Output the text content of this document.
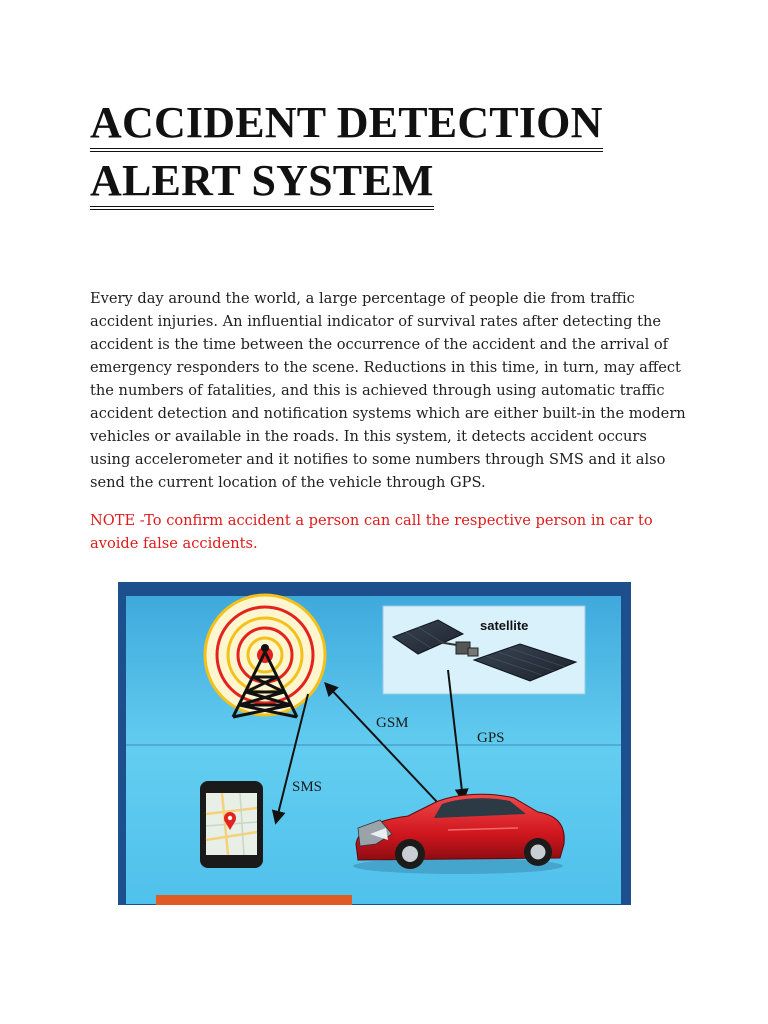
ACCIDENT DETECTION
ALERT SYSTEM

Every day around the world, a large percentage of people die from traffic accident injuries. An influential indicator of survival rates after detecting the accident is the time between the occurrence of the accident and the arrival of emergency responders to the scene. Reductions in this time, in turn, may affect the numbers of fatalities, and this is achieved through using automatic traffic accident detection and notification systems which are either built-in the modern vehicles or available in the roads. In this system, it detects accident occurs using accelerometer and it notifies to some numbers through SMS and it also send the current location of the vehicle through GPS.

NOTE -To confirm accident a person can call the respective person in car to avoide false accidents.

satellite
GSM
GPS
SMS
